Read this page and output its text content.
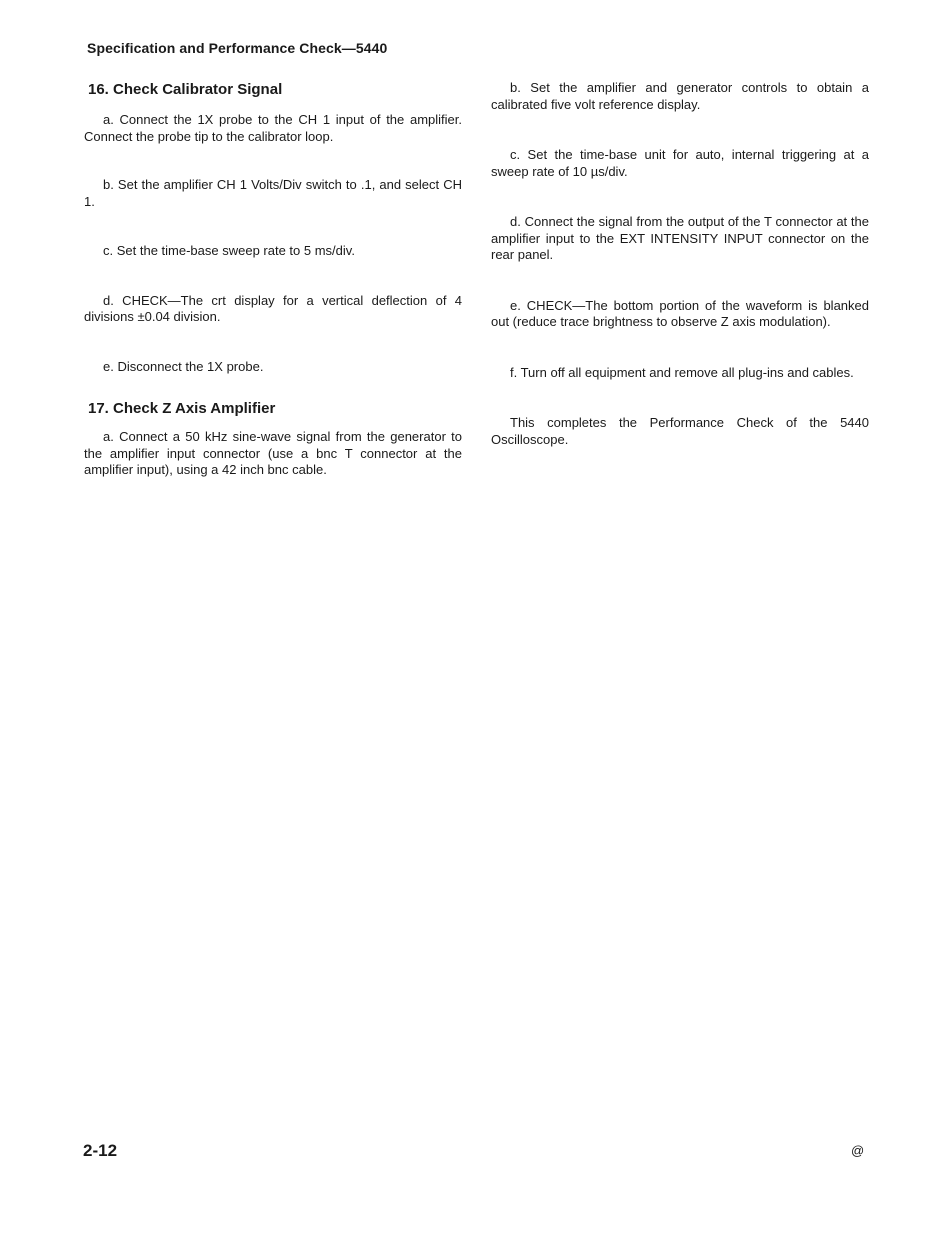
Specification and Performance Check—5440
16. Check Calibrator Signal

a. Connect the 1X probe to the CH 1 input of the amplifier. Connect the probe tip to the calibrator loop.

b. Set the amplifier CH 1 Volts/Div switch to .1, and select CH 1.

c. Set the time-base sweep rate to 5 ms/div.

d. CHECK—The crt display for a vertical deflection of 4 divisions ±0.04 division.

e. Disconnect the 1X probe.

17. Check Z Axis Amplifier

a. Connect a 50 kHz sine-wave signal from the generator to the amplifier input connector (use a bnc T connector at the amplifier input), using a 42 inch bnc cable.

b. Set the amplifier and generator controls to obtain a calibrated five volt reference display.

c. Set the time-base unit for auto, internal triggering at a sweep rate of 10 µs/div.

d. Connect the signal from the output of the T connector at the amplifier input to the EXT INTENSITY INPUT connector on the rear panel.

e. CHECK—The bottom portion of the waveform is blanked out (reduce trace brightness to observe Z axis modulation).

f. Turn off all equipment and remove all plug-ins and cables.

This completes the Performance Check of the 5440 Oscilloscope.

2-12	@
